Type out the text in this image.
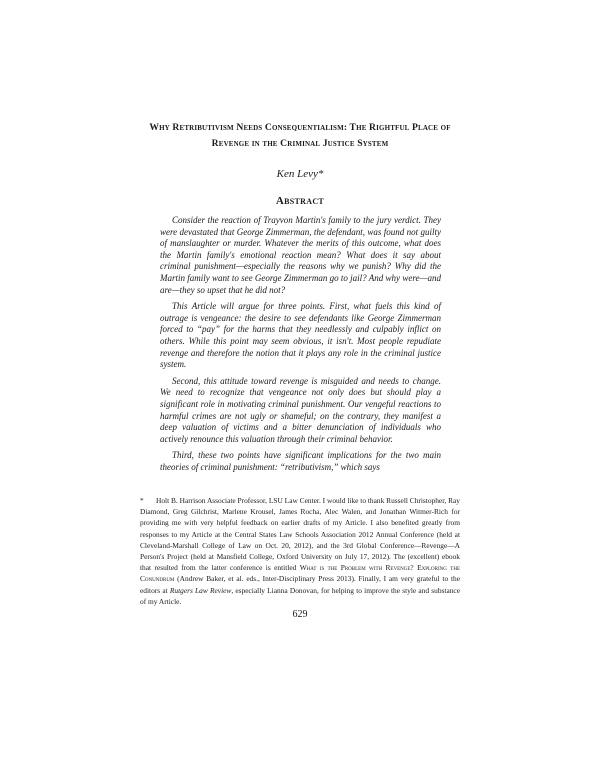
Why Retributivism Needs Consequentialism: The Rightful Place of Revenge in the Criminal Justice System
Ken Levy*
Abstract

Consider the reaction of Trayvon Martin's family to the jury verdict. They were devastated that George Zimmerman, the defendant, was found not guilty of manslaughter or murder. Whatever the merits of this outcome, what does the Martin family's emotional reaction mean? What does it say about criminal punishment—especially the reasons why we punish? Why did the Martin family want to see George Zimmerman go to jail? And why were—and are—they so upset that he did not?

This Article will argue for three points. First, what fuels this kind of outrage is vengeance: the desire to see defendants like George Zimmerman forced to “pay” for the harms that they needlessly and culpably inflict on others. While this point may seem obvious, it isn't. Most people repudiate revenge and therefore the notion that it plays any role in the criminal justice system.

Second, this attitude toward revenge is misguided and needs to change. We need to recognize that vengeance not only does but should play a significant role in motivating criminal punishment. Our vengeful reactions to harmful crimes are not ugly or shameful; on the contrary, they manifest a deep valuation of victims and a bitter denunciation of individuals who actively renounce this valuation through their criminal behavior.

Third, these two points have significant implications for the two main theories of criminal punishment: “retributivism,” which says

* Holt B. Harrison Associate Professor, LSU Law Center. I would like to thank Russell Christopher, Ray Diamond, Greg Gilchrist, Marlene Krousel, James Rocha, Alec Walen, and Jonathan Witmer-Rich for providing me with very helpful feedback on earlier drafts of my Article. I also benefited greatly from responses to my Article at the Central States Law Schools Association 2012 Annual Conference (held at Cleveland-Marshall College of Law on Oct. 20, 2012), and the 3rd Global Conference—Revenge—A Person's Project (held at Mansfield College, Oxford University on July 17, 2012). The (excellent) ebook that resulted from the latter conference is entitled What is the Problem with Revenge? Exploring the Conundrum (Andrew Baker, et al. eds., Inter-Disciplinary Press 2013). Finally, I am very grateful to the editors at Rutgers Law Review, especially Lianna Donovan, for helping to improve the style and substance of my Article.
629
